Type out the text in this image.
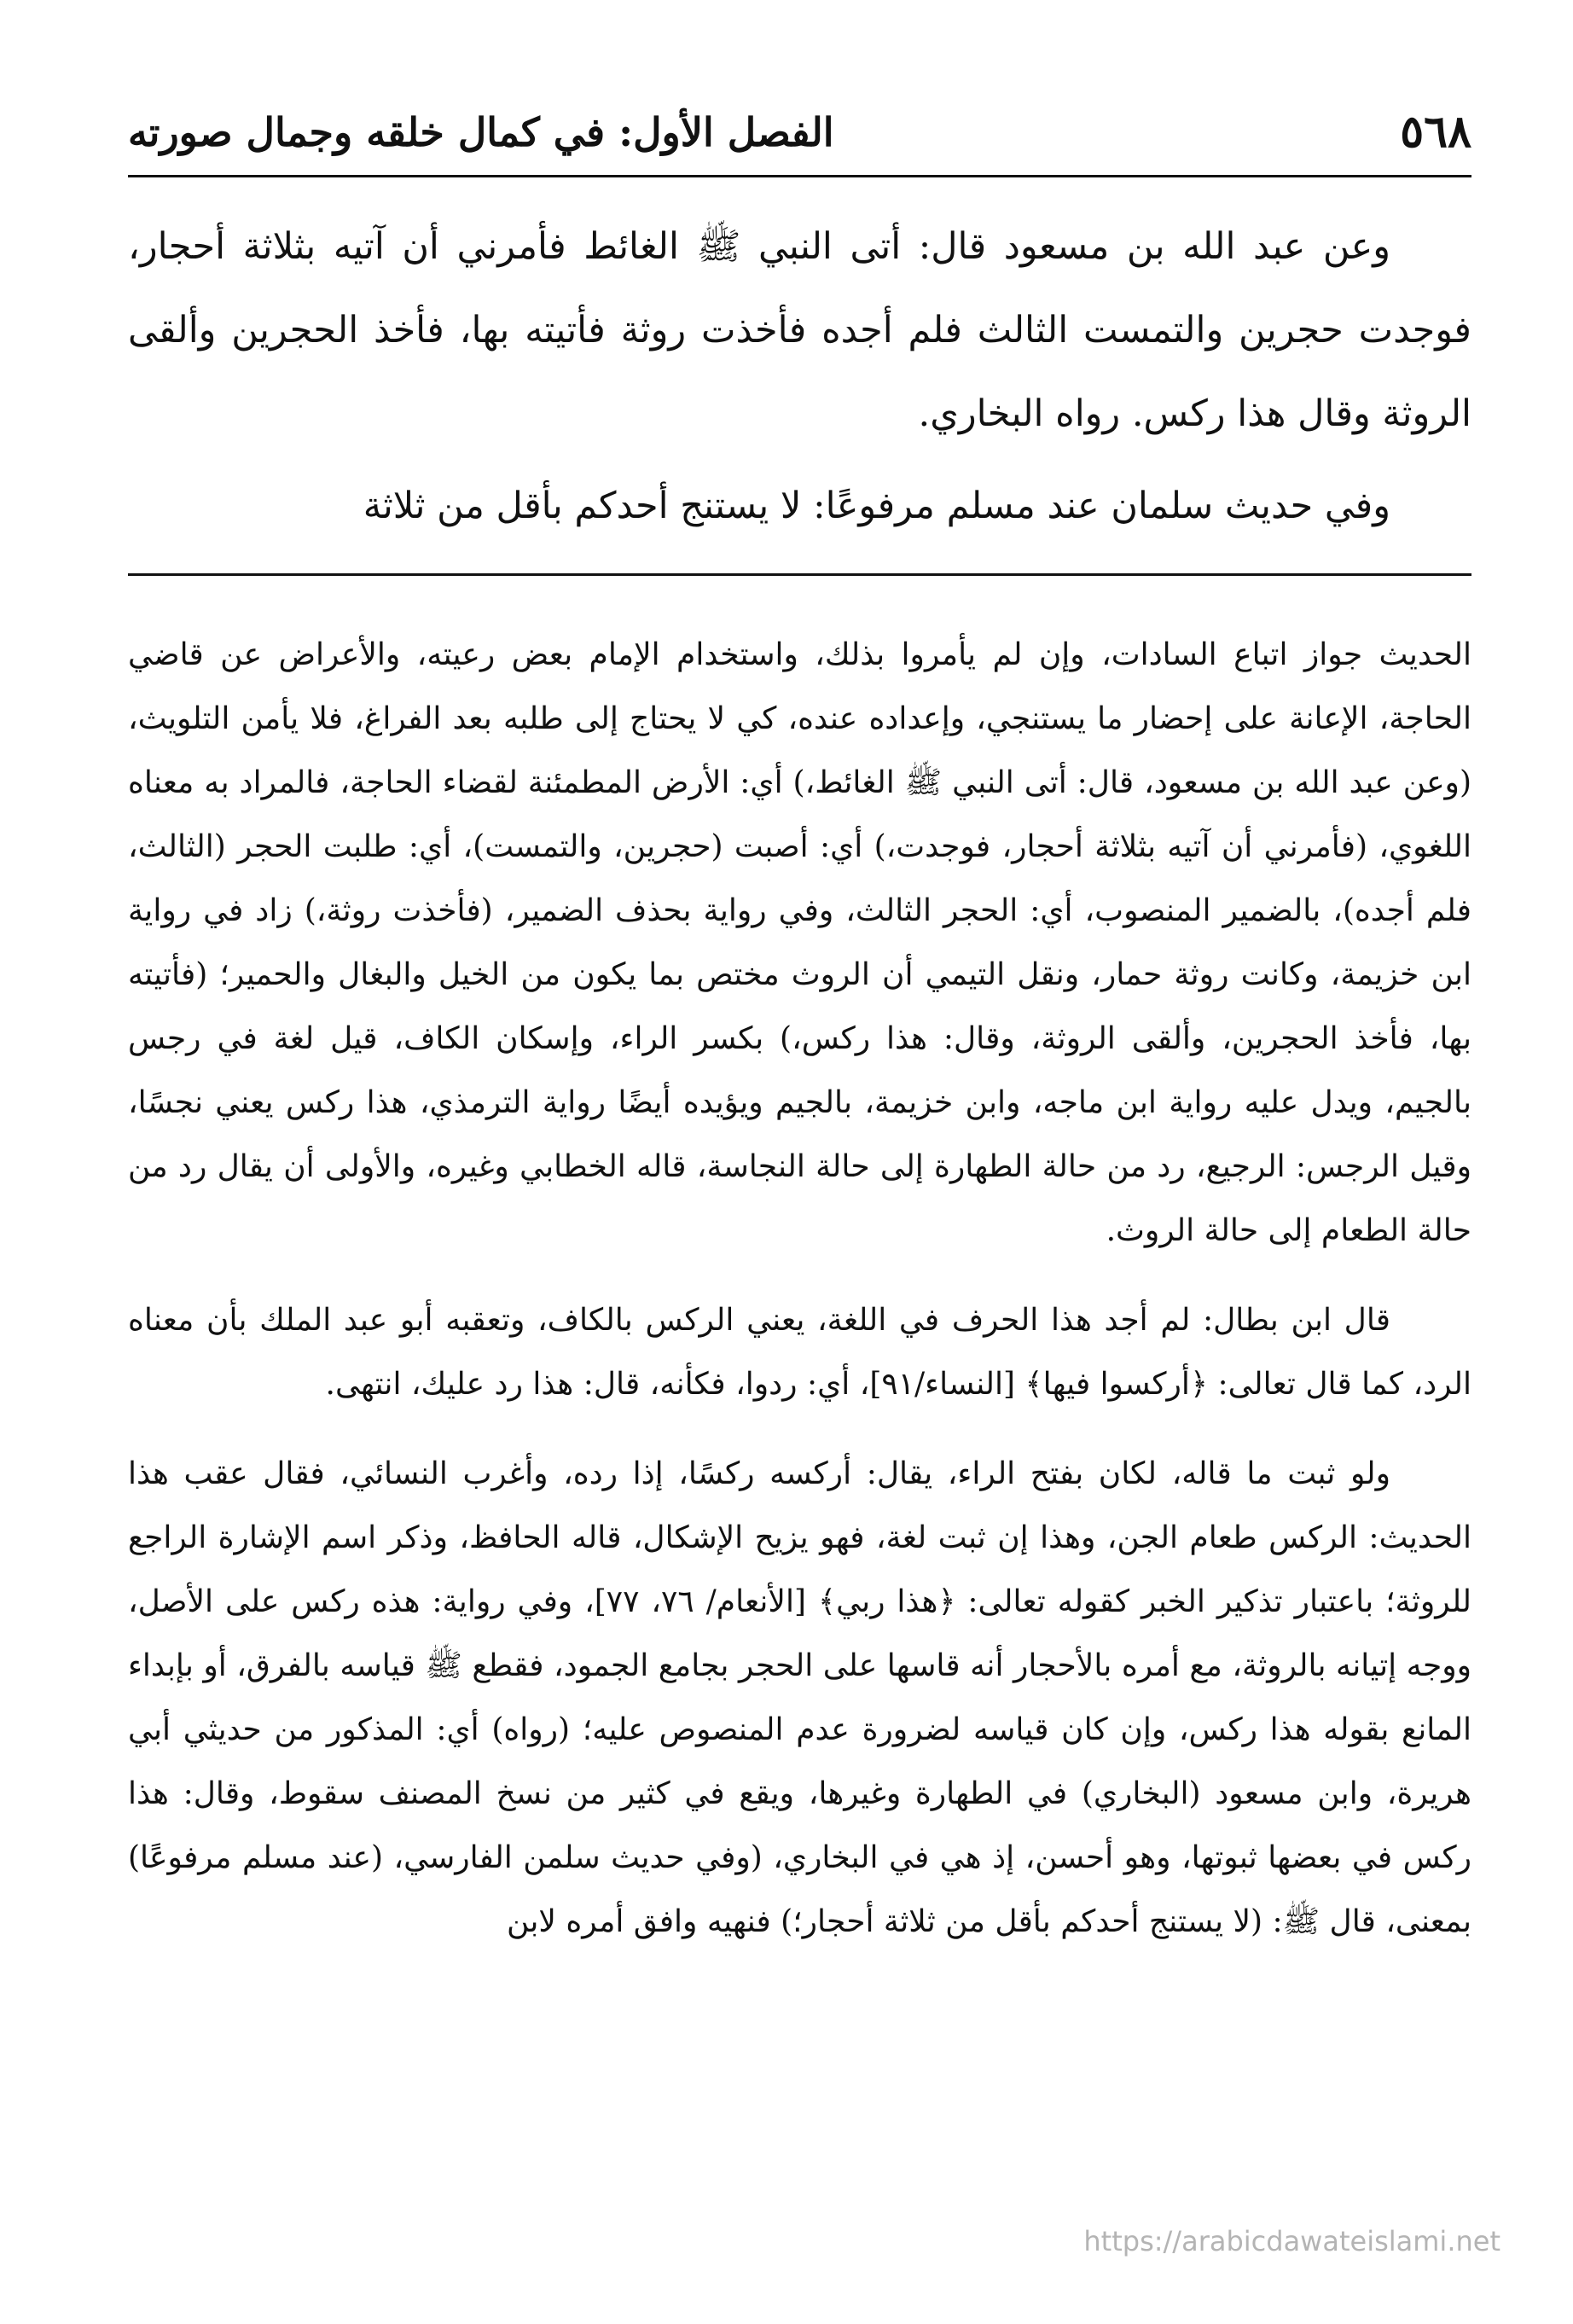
٥٦٨
الفصل الأول: في كمال خلقه وجمال صورته

وعن عبد الله بن مسعود قال: أتى النبي ﷺ الغائط فأمرني أن آتيه بثلاثة أحجار، فوجدت حجرين والتمست الثالث فلم أجده فأخذت روثة فأتيته بها، فأخذ الحجرين وألقى الروثة وقال هذا ركس. رواه البخاري.

وفي حديث سلمان عند مسلم مرفوعًا: لا يستنج أحدكم بأقل من ثلاثة

الحديث جواز اتباع السادات، وإن لم يأمروا بذلك، واستخدام الإمام بعض رعيته، والأعراض عن قاضي الحاجة، الإعانة على إحضار ما يستنجي، وإعداده عنده، كي لا يحتاج إلى طلبه بعد الفراغ، فلا يأمن التلويث، (وعن عبد الله بن مسعود، قال: أتى النبي ﷺ الغائط،) أي: الأرض المطمئنة لقضاء الحاجة، فالمراد به معناه اللغوي، (فأمرني أن آتيه بثلاثة أحجار، فوجدت،) أي: أصبت (حجرين، والتمست)، أي: طلبت الحجر (الثالث، فلم أجده)، بالضمير المنصوب، أي: الحجر الثالث، وفي رواية بحذف الضمير، (فأخذت روثة،) زاد في رواية ابن خزيمة، وكانت روثة حمار، ونقل التيمي أن الروث مختص بما يكون من الخيل والبغال والحمير؛ (فأتيته بها، فأخذ الحجرين، وألقى الروثة، وقال: هذا ركس،) بكسر الراء، وإسكان الكاف، قيل لغة في رجس بالجيم، ويدل عليه رواية ابن ماجه، وابن خزيمة، بالجيم ويؤيده أيضًا رواية الترمذي، هذا ركس يعني نجسًا، وقيل الرجس: الرجيع، رد من حالة الطهارة إلى حالة النجاسة، قاله الخطابي وغيره، والأولى أن يقال رد من حالة الطعام إلى حالة الروث.

قال ابن بطال: لم أجد هذا الحرف في اللغة، يعني الركس بالكاف، وتعقبه أبو عبد الملك بأن معناه الرد، كما قال تعالى: ﴿أركسوا فيها﴾ [النساء/٩١]، أي: ردوا، فكأنه، قال: هذا رد عليك، انتهى.

ولو ثبت ما قاله، لكان بفتح الراء، يقال: أركسه ركسًا، إذا رده، وأغرب النسائي، فقال عقب هذا الحديث: الركس طعام الجن، وهذا إن ثبت لغة، فهو يزيح الإشكال، قاله الحافظ، وذكر اسم الإشارة الراجع للروثة؛ باعتبار تذكير الخبر كقوله تعالى: ﴿هذا ربي﴾ [الأنعام/ ٧٦، ٧٧]، وفي رواية: هذه ركس على الأصل، ووجه إتيانه بالروثة، مع أمره بالأحجار أنه قاسها على الحجر بجامع الجمود، فقطع ﷺ قياسه بالفرق، أو بإبداء المانع بقوله هذا ركس، وإن كان قياسه لضرورة عدم المنصوص عليه؛ (رواه) أي: المذكور من حديثي أبي هريرة، وابن مسعود (البخاري) في الطهارة وغيرها، ويقع في كثير من نسخ المصنف سقوط، وقال: هذا ركس في بعضها ثبوتها، وهو أحسن، إذ هي في البخاري، (وفي حديث سلمن الفارسي، (عند مسلم مرفوعًا) بمعنى، قال ﷺ: (لا يستنج أحدكم بأقل من ثلاثة أحجار؛) فنهيه وافق أمره لابن

https://arabicdawateislami.net
